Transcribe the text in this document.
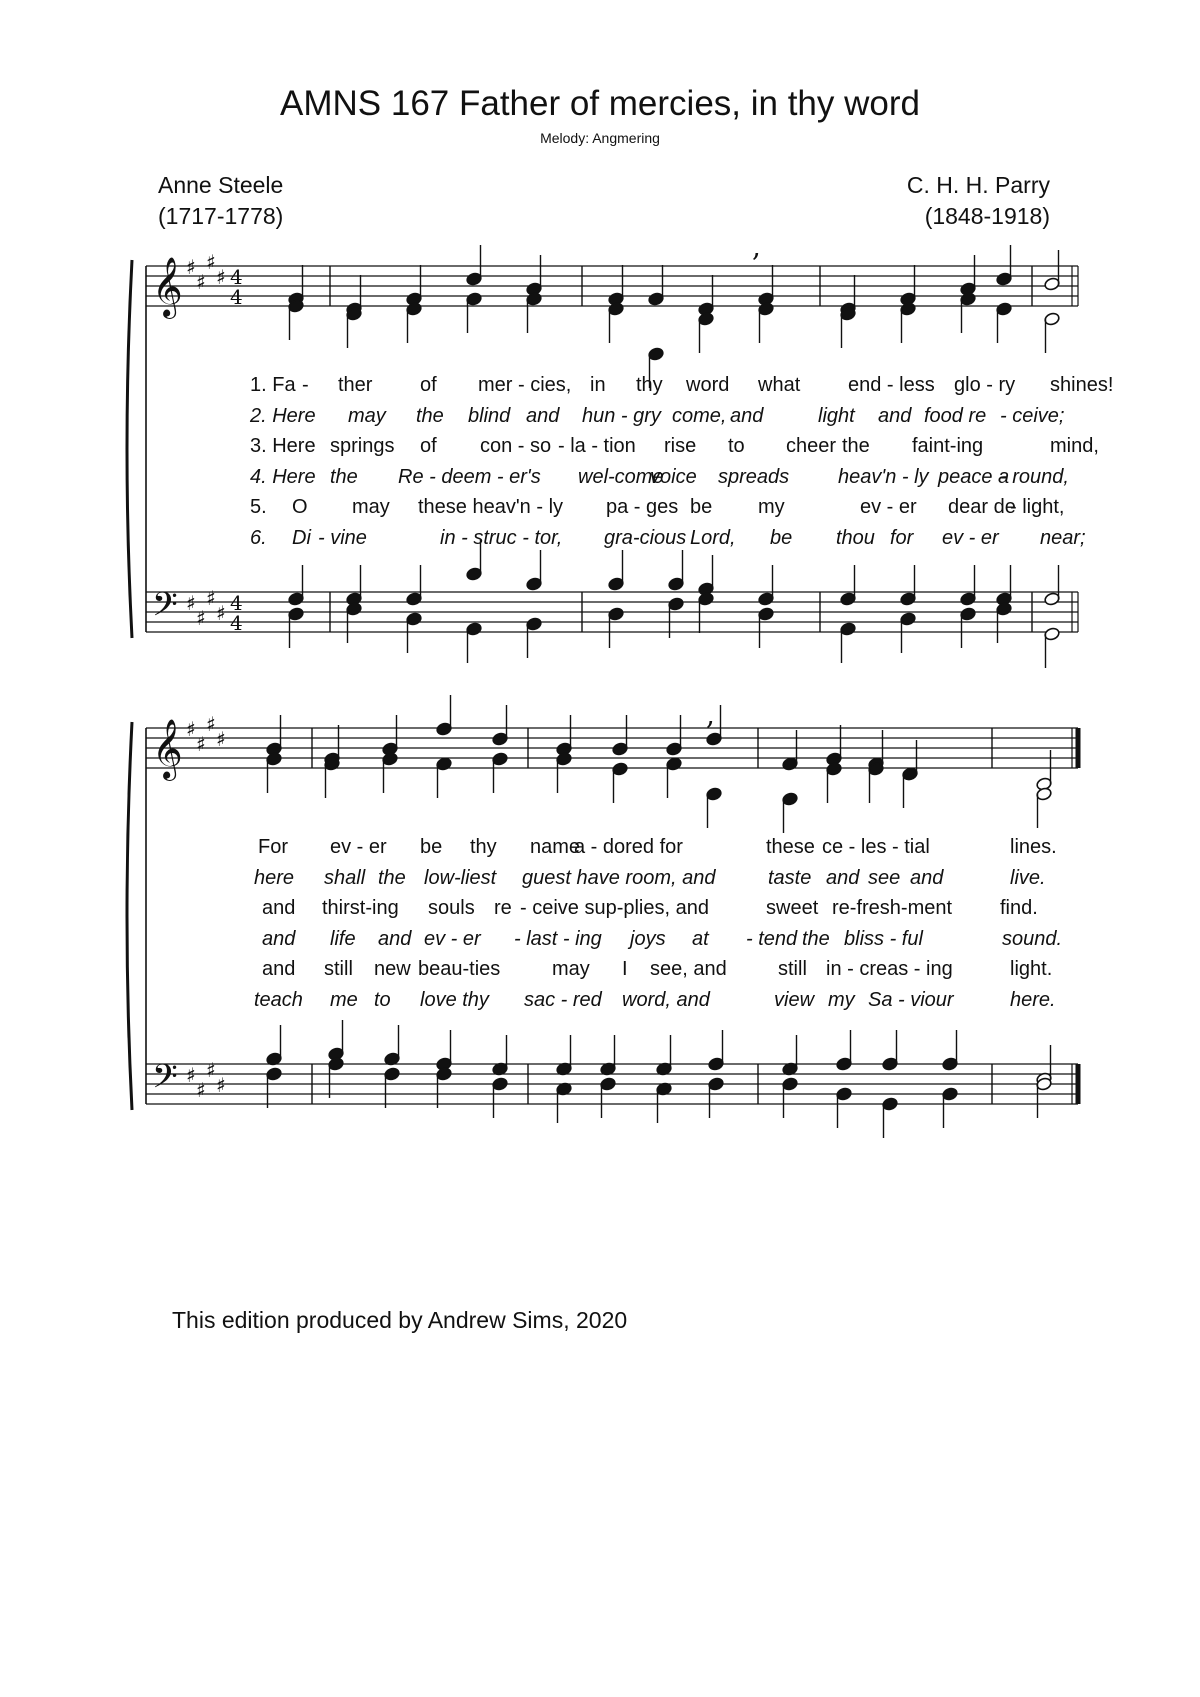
AMNS 167 Father of mercies, in thy word
Melody: Angmering
Anne Steele
(1717-1778)
C. H. H. Parry
(1848-1918)
𝄞
𝄢
♯
♯
♯
♯
♯
♯
♯
♯
4
4
4
4
𝄞
𝄢
♯
♯
♯
♯
♯
♯
♯
♯
,
,
1. Fa - ther of mer - cies, in thy word what end - less glo - ry shines!
2. Here may the blind and hun - gry come, and	light and food re - ceive;
3. Here springs of con - so - la - tion rise to cheer the faint-ing	mind,
4. Here the Re - deem - er's wel-come
voice spreads heav'n - ly peace a
- round,
5. O may these heav'n - ly pa - ges be my	ev - er dear de
- light,
6. Di - vine	in - struc - tor, gra-cious Lord, be thou for ev - er near;
For ev - er be thy name
a - dored for	these ce - les - tial	lines.
here shall the low-liest guest have room, and	taste and see and	live.
and thirst-ing souls re - ceive sup-plies, and	sweet re-fresh-ment find.
and life and ev - er - last - ing joys at - tend the bliss - ful	sound.
and still new beau-ties	may I see, and	still in - creas - ing	light.
teach me to love thy sac - red word, and	view my Sa - viour	here.
This edition produced by Andrew Sims, 2020
